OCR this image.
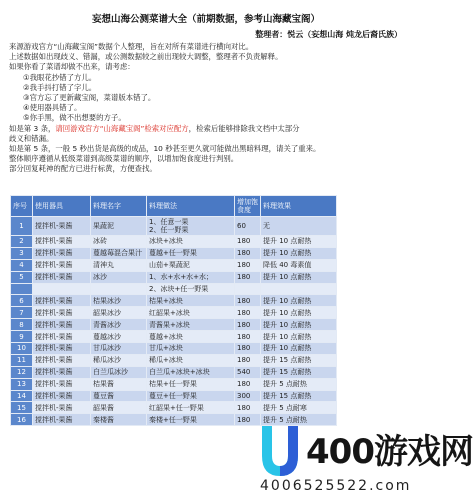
妄想山海公测菜谱大全（前期数据，参考山海藏宝阁）
整理者：悦云（妄想山海 炖龙后裔氏族）
来源游戏官方“山海藏宝阁”数据个人整理，旨在对所有菜谱进行横向对比。
上述数据如出现歧义、错漏，或公测数据较之前出现较大调整，整理者不负责解释。
如果你看了菜谱却做不出来，请考虑：
①我眼花抄错了方儿。
②我手抖打错了字儿。
③官方忘了更新藏宝阁，菜谱版本错了。
④使用器具错了。
⑤你手黑，做不出想要的方子。
如是第 3 条，请回游戏官方“山海藏宝阁”检索对应配方，检索后能够排除我文档中太部分
歧义和错漏。
如是第 5 条，一般 5 秒出货是高级的成品，10 秒甚至更久就可能做出黑暗料理，请关了重来。
整体顺序遵循从低级菜谱到高级菜谱的顺序，以增加饱食度进行判别。
部分回复耗神的配方已进行标黄，方便查找。
序号	使用器具	料理名字	料理做法	增加饱食度	料理效果
1	搅拌机-果酱	果蔬泥	1、任意一果
2、任一野果	60	无
2	搅拌机-果酱	冰砖	冰块+冰块	180	提升 10 点耐热
3	搅拌机-果酱	蔓越莓混合果汁	蔓越+任一野果	180	提升 10 点耐热
4	搅拌机-果酱	清神丸	山茄+栗蔬泥	180	降低 40 毒素值
5	搅拌机-果酱	冰沙	1、水+水+水+水；	180	提升 10 点耐热
			2、冰块+任一野果		
6	搅拌机-果酱	桔果冰沙	桔果+冰块	180	提升 10 点耐热
7	搅拌机-果酱	韶果冰沙	红韶果+冰块	180	提升 10 点耐热
8	搅拌机-果酱	青酱冰沙	青酱果+冰块	180	提升 10 点耐热
9	搅拌机-果酱	蔓越冰沙	蔓越+冰块	180	提升 10 点耐热
10	搅拌机-果酱	甘瓜冰沙	甘瓜+冰块	180	提升 10 点耐热
11	搅拌机-果酱	稀瓜冰沙	稀瓜+冰块	180	提升 15 点耐热
12	搅拌机-果酱	白兰瓜冰沙	白兰瓜+冰块+冰块	540	提升 15 点耐热
13	搅拌机-果酱	桔果酱	桔果+任一野果	180	提升 5 点耐热
14	搅拌机-果酱	蔓豆酱	蔓豆+任一野果	300	提升 15 点耐热
15	搅拌机-果酱	韶果酱	红韶果+任一野果	180	提升 5 点耐寒
16	搅拌机-果酱	秦楼酱	秦楼+任一野果	180	提升 5 点耐热
400游戏网
4006525522.com
